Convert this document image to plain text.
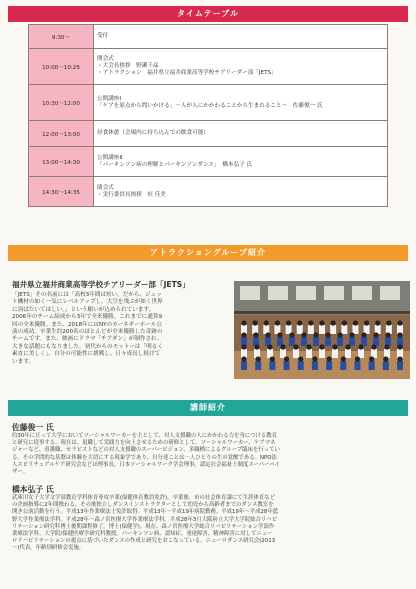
タイムテーブル
9:30〜	受付

10:00〜10:25	開会式
・大会長挨拶　野瀬千晶
・アトラクション　福井県立福井商業高等学校チアリーダー部「JETS」

10:30〜12:00	公開講座Ⅰ
「ケアを原点から問いかける」〜人が人にかかわることから生まれること〜　佐藤俊一 氏

12:00〜13:00	昼食休憩（会場内に持ち込んでの飲食可能）

13:00〜14:30	公開講座Ⅱ
「パーキンソン病の理解とパーキンソンダンス」　橋本弘子 氏

14:30〜14:35	閉会式
・実行委員長挨拶　垣 佳美
アトラクショングループ紹介
福井県立福井商業高等学校チアリーダー部「JETS」
「JETS」その名前には「高校3年間は短い。だから、ジェッ
ト機材の如く一気にレベルアップし、大空を飛ぶが如く世界
に羽ばたいてほしい。」という願いが込められています。
2006年のチーム結成から3年で全米優勝。これまでに通算9
回の全米優勝。また、2018年にはNYのカーネギーホール公
演の成功。卒業生約200名のほとんどが全米優勝した奇跡の
チームです。また、映画にドラマ「チアダン」が制作され、
大きな話題にもなりました。初代からのモットーは「明るく
素直に美しく」。自分の可能性に挑戦し、日々成長し続けて
います。
講師紹介
佐藤俊一 氏
約30年に亘って大学においてソーシャルワーカーを主として、対人支援職の人にかかわる力を身につける教育
と研究に従事する。現在は、退職して実践力を向上させるための研修として、ソーシャルワーカー、ケアマネ
ジャーなど、看護職、セラピストなどの対人支援職のスーパービジョン、多職種によるグループ臨床を行ってい
る。その学問的な基盤は体験を大切にする現象学であり、自分達ことは一人ひとりの生の覚醒である。NPO法
人スピリチュアルケア研究会などは理事長。日本ソーシャルワーク学会理事。認定社会福祉士制度スーパーバイ
ザー。
橋本弘子 氏
武庫川女子大学文学部教育学科体育専攻卒業(保健体育教員免許)。卒業後、市の社会体育課にて生涯体育など
の企画指導に2年間携わる。その後独立しダンスインストラクターとして幼児から高齢者までのダンス教室を
開き公演活動を行う。平成13年作業療法士免許取得。平成13年〜平成19年病院勤務。平成19年〜平成28年藍
野大学作業療法学科。平成28年〜森ノ宮医療大学作業療法学科。平成28年3月大阪府立大学大学院総合リハビ
リテーション研究科博士後期課程修了。博士(保健学)。現在、森ノ宮医療大学総合リハビリテーション学部作
業療法学科、大学院/保健医療学研究科教授。パーキンソン病、認知症、発達障害、精神障害に対してニュー
ロリハビリテーションの視点に基づいたダンスの作成と研究をおこなっている。ニューロダンス研究会(2013
〜)代表。年齢別研修会実施。
